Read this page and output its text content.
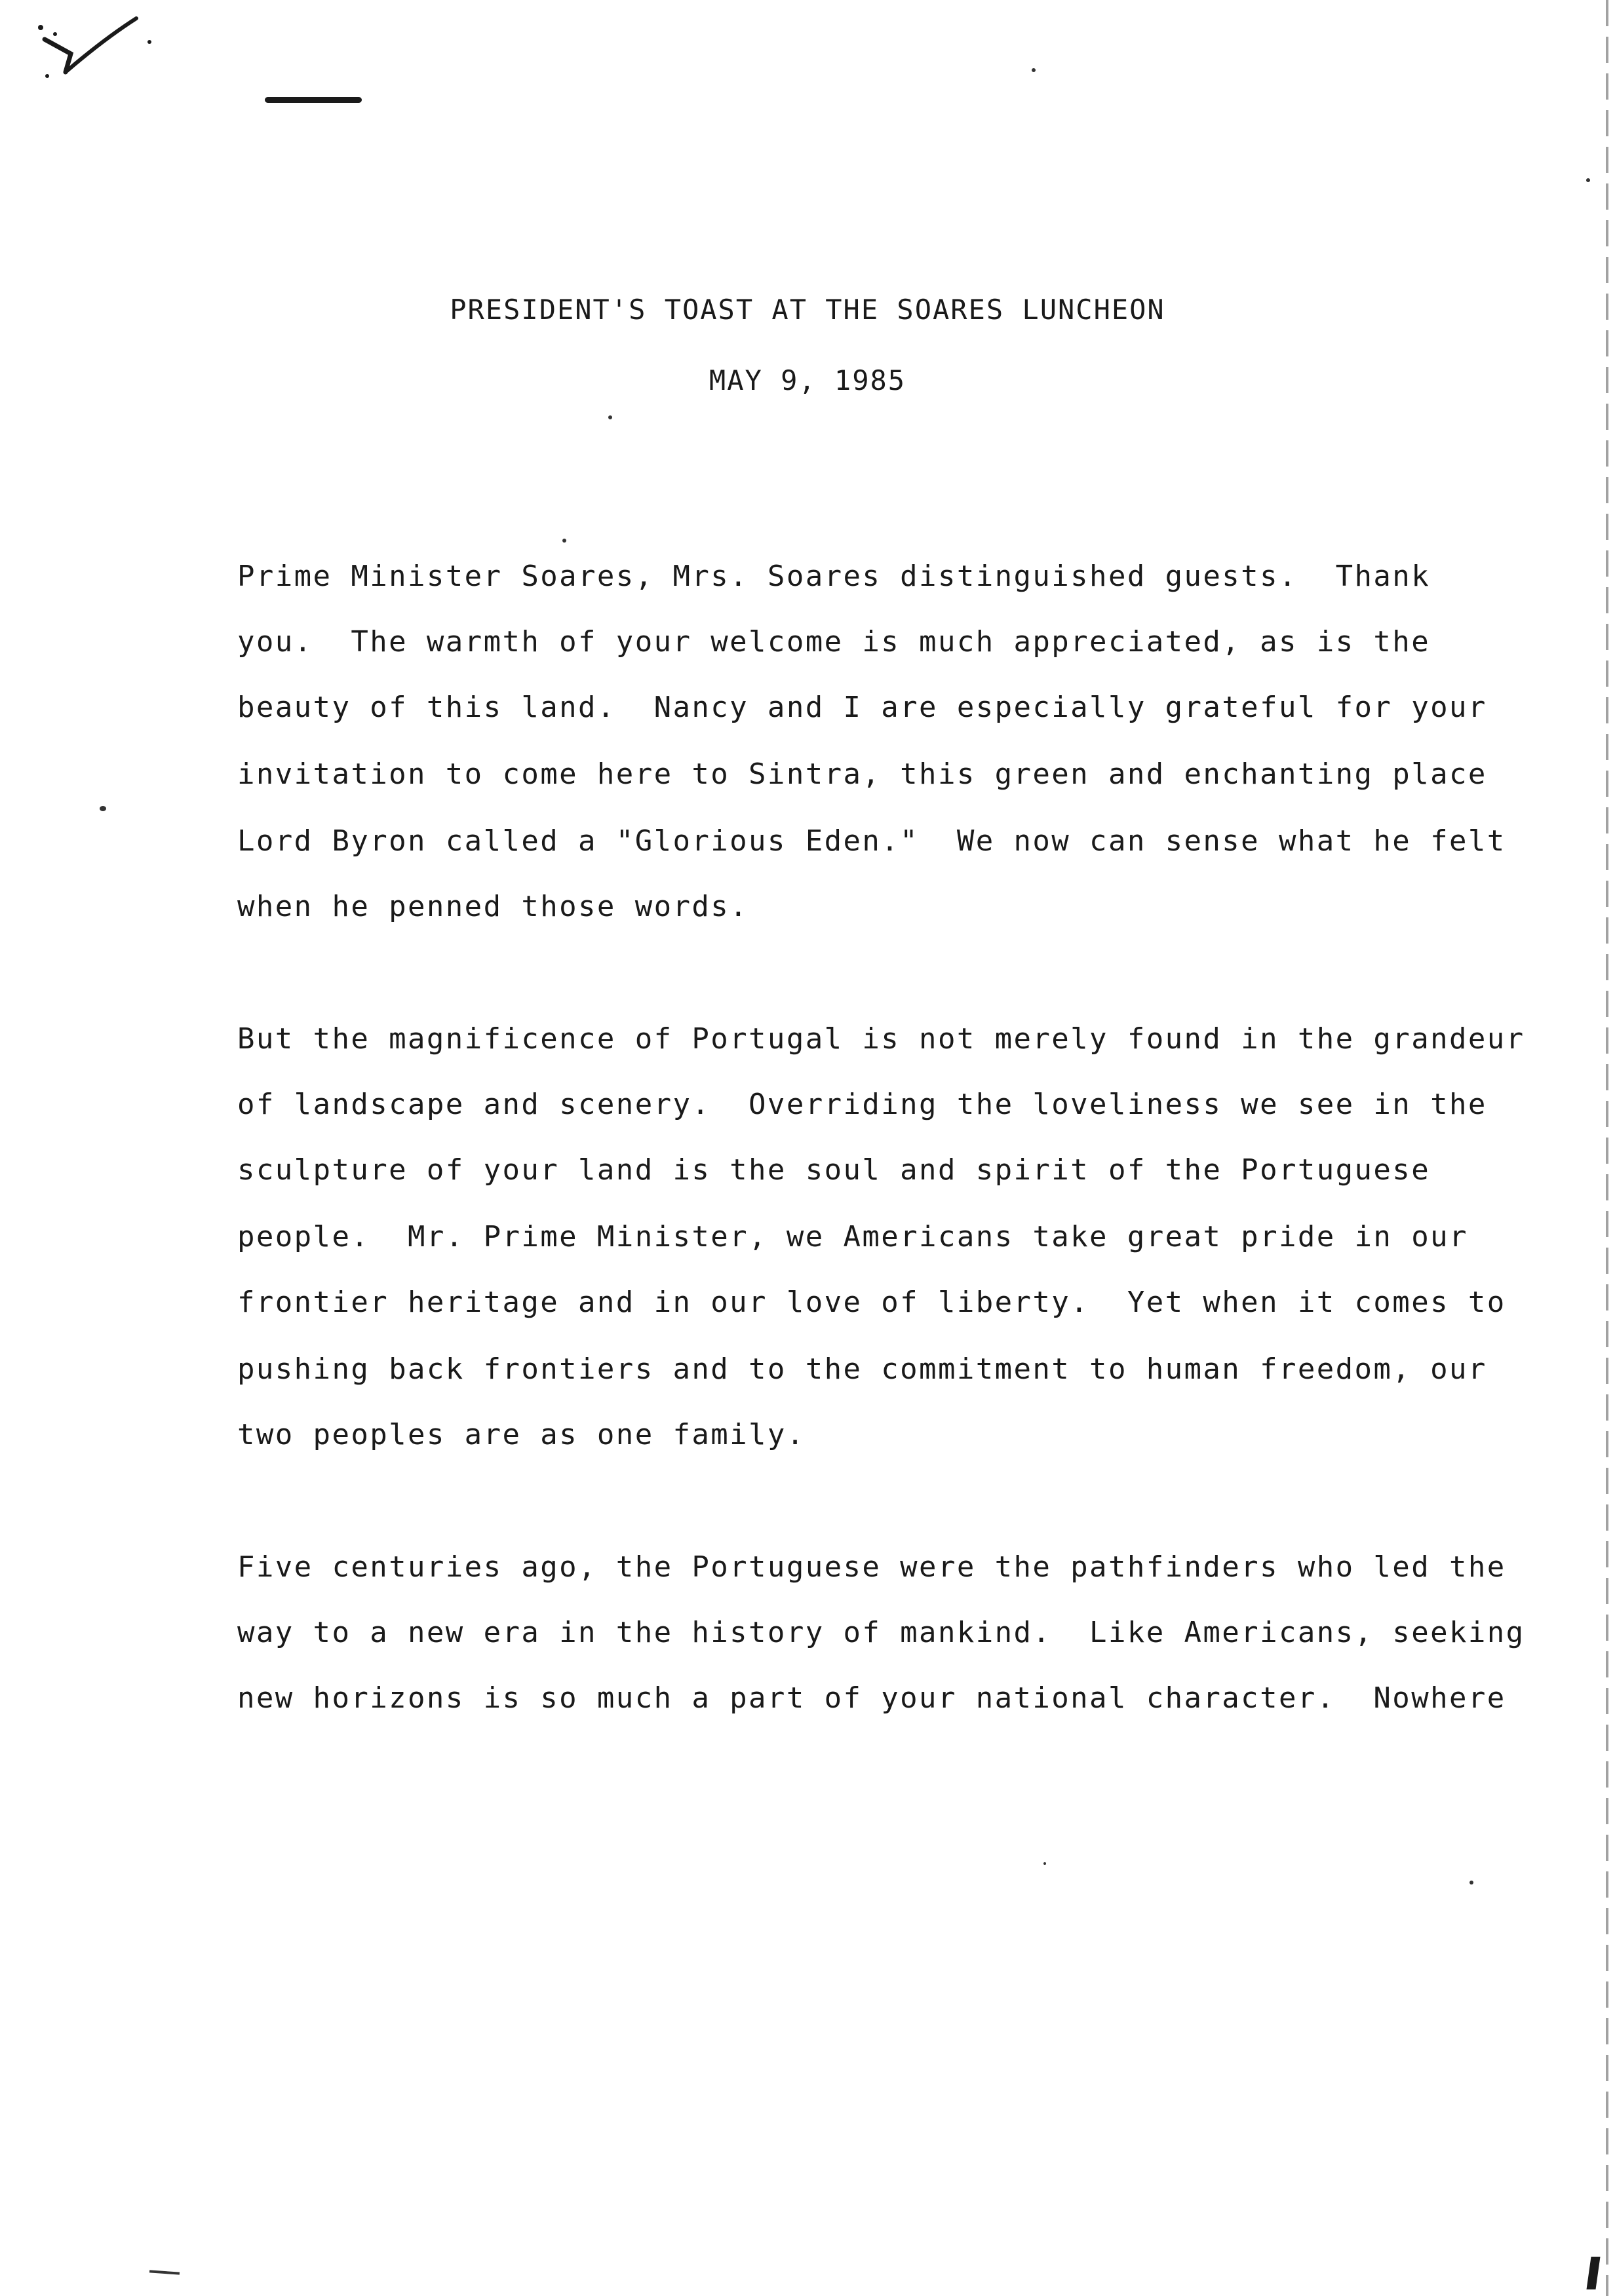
PRESIDENT'S TOAST AT THE SOARES LUNCHEON
MAY 9, 1985
Prime Minister Soares, Mrs. Soares distinguished guests.  Thank
you.  The warmth of your welcome is much appreciated, as is the
beauty of this land.  Nancy and I are especially grateful for your
invitation to come here to Sintra, this green and enchanting place
Lord Byron called a "Glorious Eden."  We now can sense what he felt
when he penned those words.
But the magnificence of Portugal is not merely found in the grandeur
of landscape and scenery.  Overriding the loveliness we see in the
sculpture of your land is the soul and spirit of the Portuguese
people.  Mr. Prime Minister, we Americans take great pride in our
frontier heritage and in our love of liberty.  Yet when it comes to
pushing back frontiers and to the commitment to human freedom, our
two peoples are as one family.
Five centuries ago, the Portuguese were the pathfinders who led the
way to a new era in the history of mankind.  Like Americans, seeking
new horizons is so much a part of your national character.  Nowhere
